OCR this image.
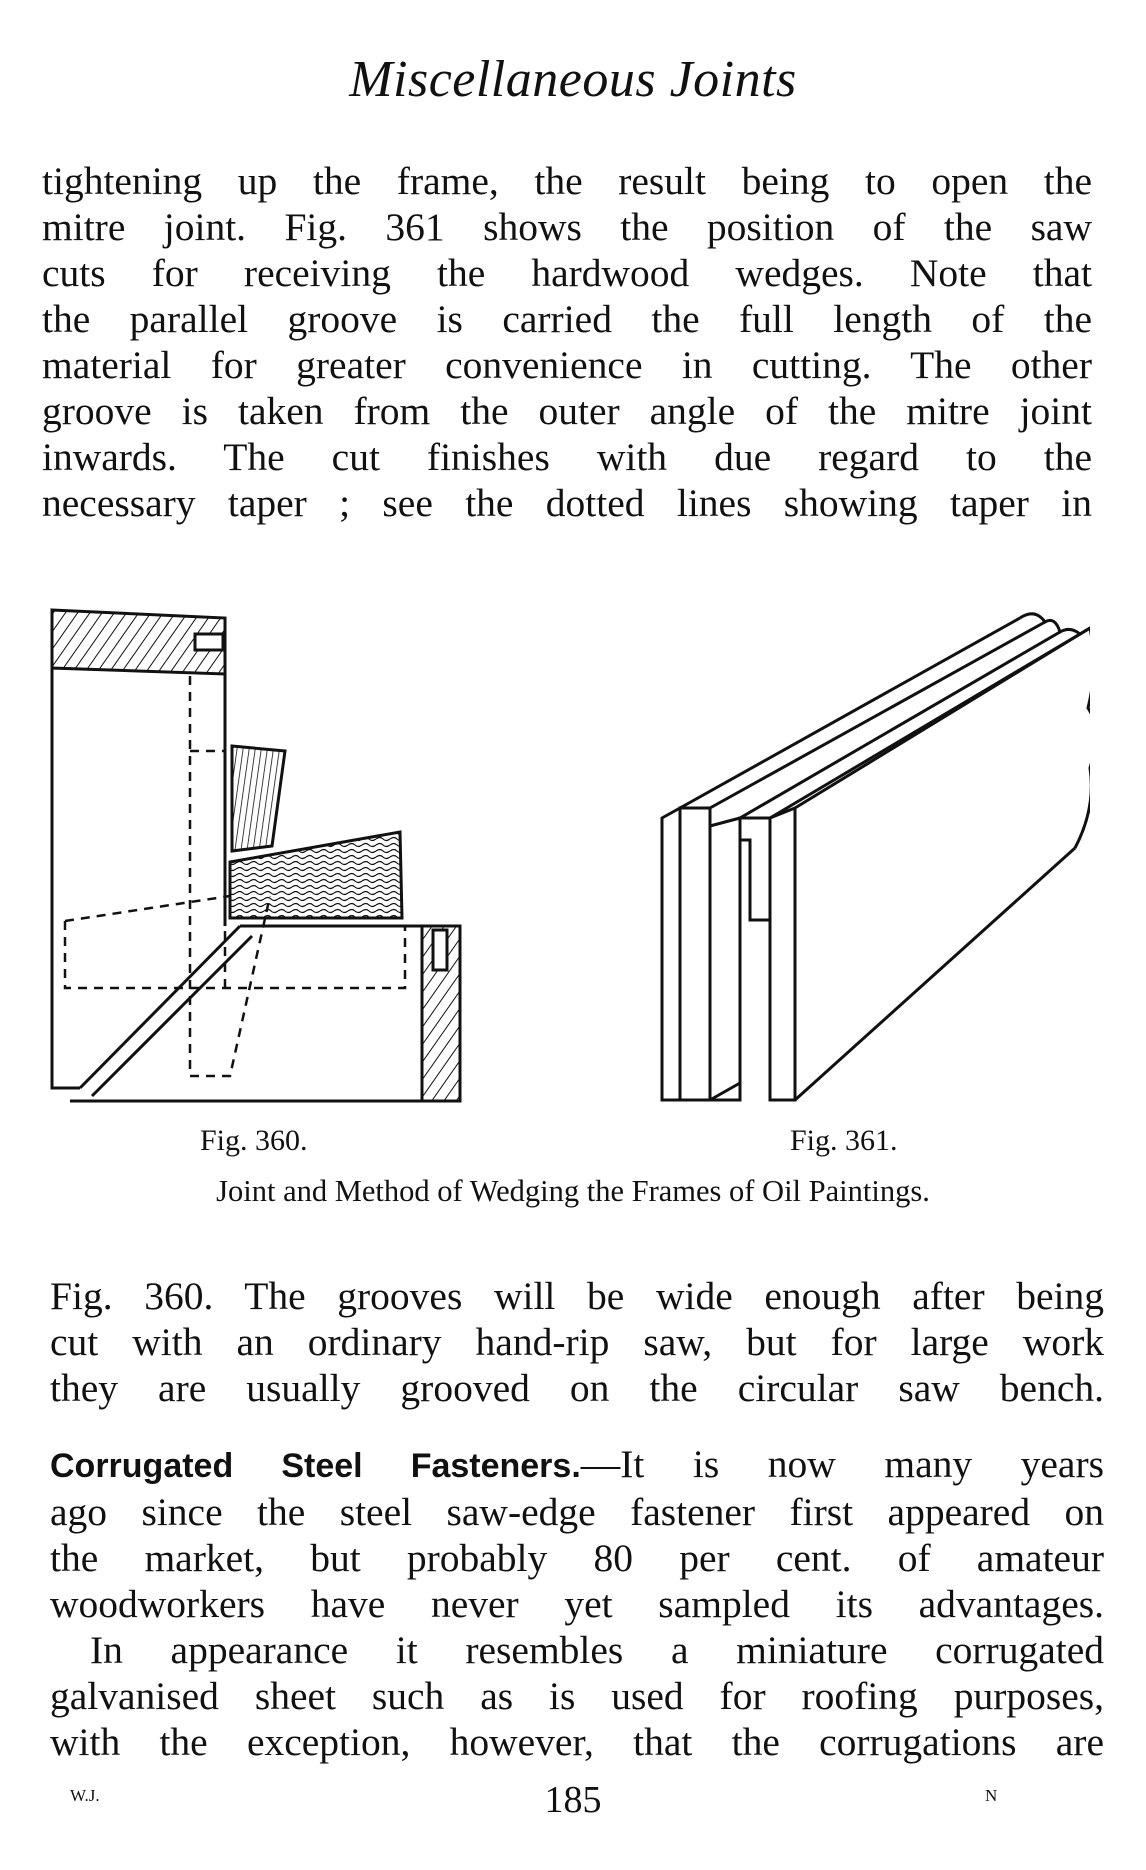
Miscellaneous Joints
tightening up the frame, the result being to open the
mitre joint. Fig. 361 shows the position of the saw
cuts for receiving the hardwood wedges. Note that
the parallel groove is carried the full length of the
material for greater convenience in cutting. The other
groove is taken from the outer angle of the mitre joint
inwards. The cut finishes with due regard to the
necessary taper ; see the dotted lines showing taper in
Fig. 360.	Fig. 361.
Joint and Method of Wedging the Frames of Oil Paintings.
Fig. 360. The grooves will be wide enough after being
cut with an ordinary hand-rip saw, but for large work
they are usually grooved on the circular saw bench.
Corrugated Steel Fasteners.—It is now many years
ago since the steel saw-edge fastener first appeared on
the market, but probably 80 per cent. of amateur
woodworkers have never yet sampled its advantages.
In appearance it resembles a miniature corrugated
galvanised sheet such as is used for roofing purposes,
with the exception, however, that the corrugations are
W.J.	185	N
